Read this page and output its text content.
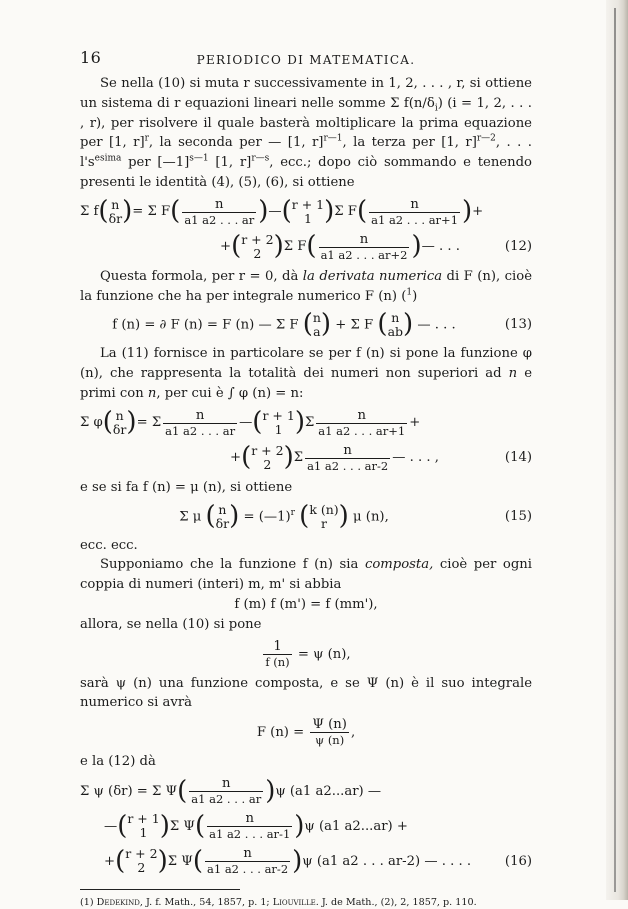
16	PERIODICO DI MATEMATICA.

Se nella (10) si muta r successivamente in 1, 2, . . . , r, si ottiene un sistema di r equazioni lineari nelle somme Σ $f(n/\delta_i) (i = 1$, 2, . . . , r), per risolvere il quale basterà moltiplicare la prima equazione per [1, r]$^r$, la seconda per — [1, r]$^{r—1}$, la terza per [1, r]$^{r—2}$, . . . $l's^{esima}$ per [—1]$^{s—1}$ [1, r]$^{r—s}$, ecc.; dopo ciò sommando e tenendo presenti le identità (4), (5), (6), si ottiene

Σ f ( n
δr ) = Σ F ( $\frac{n}{a1 a2 . . . ar}$ ) — ( r + 1
1 ) Σ F ( $\frac{n}{a1 a2 . . . ar+1}$ ) +
+ ( r + 2
2 ) Σ F ( $\frac{n}{a1 a2 . . . ar+2}$ ) — . . .	(12)

Questa formola, per r = 0, dà la derivata numerica di F (n), cioè la funzione che ha per integrale numerico F (n) ($^1$)

f (n) = ∂ F (n) = F (n) — Σ F ( n
a ) + Σ F ( n
ab ) — . . .	(13)

La (11) fornisce in particolare se per f (n) si pone la funzione φ (n), che rappresenta la totalità dei numeri non superiori ad n e primi con n, per cui è ∫ φ (n) = n:

Σ φ ( n
δr ) = Σ $\frac{n}{a1 a2 . . . ar}$ — ( r + 1
1 ) Σ $\frac{n}{a1 a2 . . . ar+1}$ +
+ ( r + 2
2 ) Σ $\frac{n}{a1 a2 . . . ar-2}$ — . . . ,	(14)

e se si fa f (n) = μ (n), si ottiene

Σ μ ( n
δr ) = (—1)$^r$ ( k (n)
r ) μ (n),	(15)

ecc. ecc.

Supponiamo che la funzione f (n) sia composta, cioè per ogni coppia di numeri (interi) m, m' si abbia

f (m) f (m') = f (mm'),

allora, se nella (10) si pone

$\frac{1}{f (n)} = \psi$ (n),

sarà ψ (n) una funzione composta, e se Ψ (n) è il suo integrale numerico si avrà

F $(n) = \frac{\Psi (n)}{\psi (n)}$ ,

e la (12) dà

Σ ψ (δr) = Σ Ψ ( $\frac{n}{a1 a2 . . . ar}$ ) ψ (a1 a2...ar) —
— ( r + 1
1 ) Σ Ψ ( $\frac{n}{a1 a2 . . . ar-1}$ ) ψ (a1 a2...ar) +
+ ( r + 2
2 ) Σ Ψ ( $\frac{n}{a1 a2 . . . ar-2}$ ) ψ (a1 a2 . . . ar-2) — . . . .	(16)

(1) Dedekind, J. f. Math., 54, 1857, p. 1; Liouville. J. de Math., (2), 2, 1857, p. 110.
